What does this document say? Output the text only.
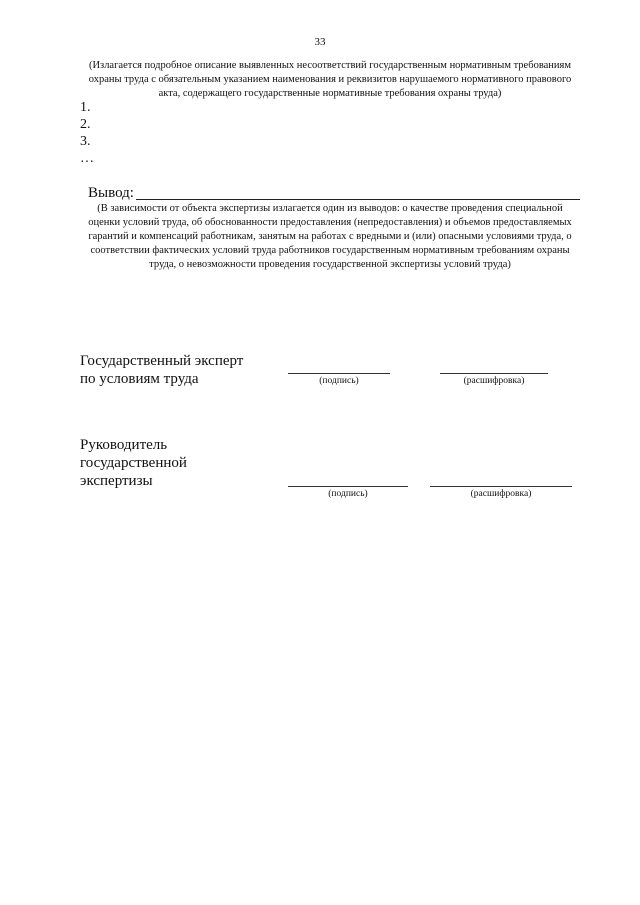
33
(Излагается подробное описание выявленных несоответствий государственным нормативным требованиям охраны труда с обязательным указанием наименования и реквизитов нарушаемого нормативного правового акта, содержащего государственные нормативные требования охраны труда)
1.
2.
3.
…
Вывод:
(В зависимости от объекта экспертизы излагается один из выводов: о качестве проведения специальной оценки условий труда, об обоснованности предоставления (непредоставления) и объемов предоставляемых гарантий и компенсаций работникам, занятым на работах с вредными и (или) опасными условиями труда, о соответствии фактических условий труда работников государственным нормативным требованиям охраны труда, о невозможности проведения государственной экспертизы условий труда)
Государственный эксперт
по условиям труда	(подпись)	(расшифровка)
Руководитель
государственной
экспертизы
(подпись)	(расшифровка)
